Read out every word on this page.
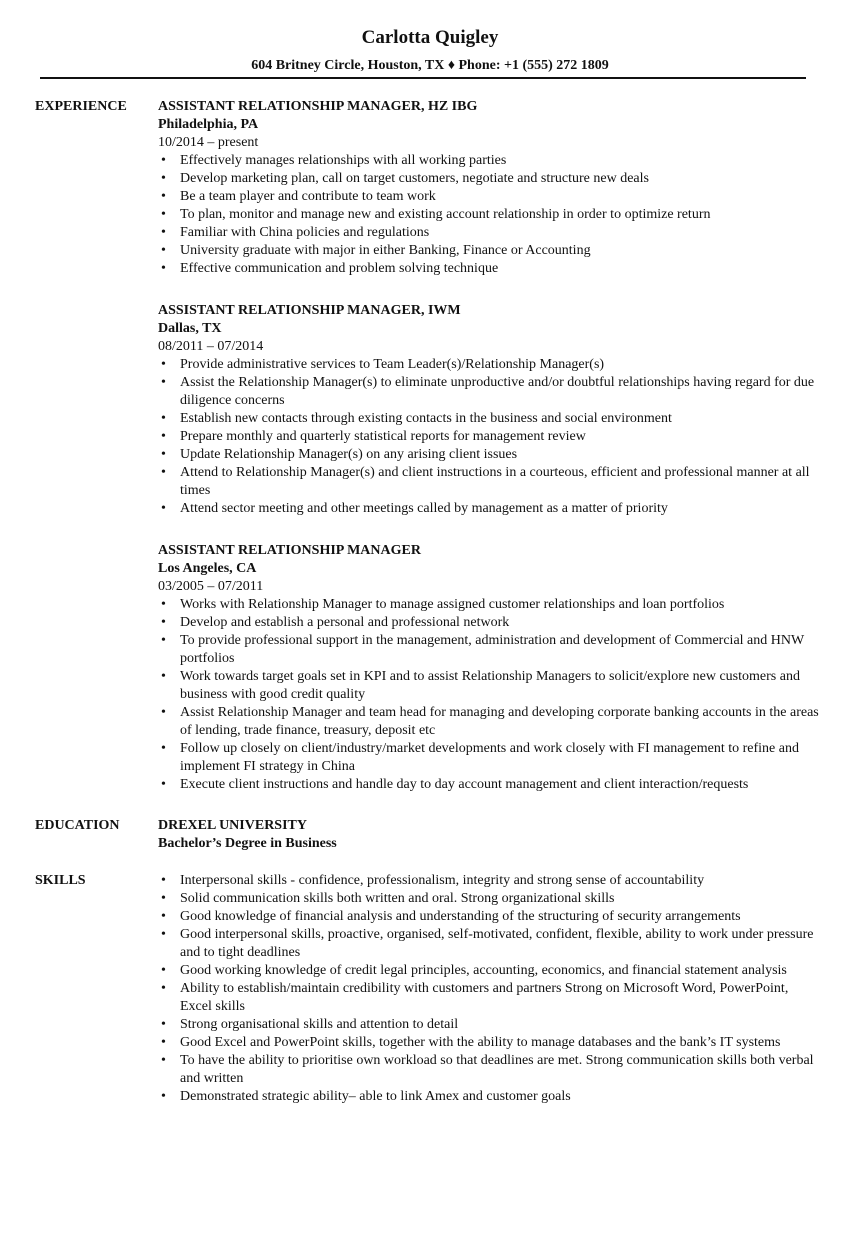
Carlotta Quigley
604 Britney Circle, Houston, TX ♦ Phone: +1 (555) 272 1809
EXPERIENCE	ASSISTANT RELATIONSHIP MANAGER, HZ IBG
Philadelphia, PA
10/2014 – present
• Effectively manages relationships with all working parties
• Develop marketing plan, call on target customers, negotiate and structure new deals
• Be a team player and contribute to team work
• To plan, monitor and manage new and existing account relationship in order to optimize return
• Familiar with China policies and regulations
• University graduate with major in either Banking, Finance or Accounting
• Effective communication and problem solving technique
ASSISTANT RELATIONSHIP MANAGER, IWM
Dallas, TX
08/2011 – 07/2014
• Provide administrative services to Team Leader(s)/Relationship Manager(s)
• Assist the Relationship Manager(s) to eliminate unproductive and/or doubtful relationships having regard for due diligence concerns
• Establish new contacts through existing contacts in the business and social environment
• Prepare monthly and quarterly statistical reports for management review
• Update Relationship Manager(s) on any arising client issues
• Attend to Relationship Manager(s) and client instructions in a courteous, efficient and professional manner at all times
• Attend sector meeting and other meetings called by management as a matter of priority
ASSISTANT RELATIONSHIP MANAGER
Los Angeles, CA
03/2005 – 07/2011
• Works with Relationship Manager to manage assigned customer relationships and loan portfolios
• Develop and establish a personal and professional network
• To provide professional support in the management, administration and development of Commercial and HNW portfolios
• Work towards target goals set in KPI and to assist Relationship Managers to solicit/explore new customers and business with good credit quality
• Assist Relationship Manager and team head for managing and developing corporate banking accounts in the areas of lending, trade finance, treasury, deposit etc
• Follow up closely on client/industry/market developments and work closely with FI management to refine and implement FI strategy in China
• Execute client instructions and handle day to day account management and client interaction/requests
EDUCATION	DREXEL UNIVERSITY
Bachelor’s Degree in Business
SKILLS	• Interpersonal skills - confidence, professionalism, integrity and strong sense of accountability
• Solid communication skills both written and oral. Strong organizational skills
• Good knowledge of financial analysis and understanding of the structuring of security arrangements
• Good interpersonal skills, proactive, organised, self-motivated, confident, flexible, ability to work under pressure and to tight deadlines
• Good working knowledge of credit legal principles, accounting, economics, and financial statement analysis
• Ability to establish/maintain credibility with customers and partners Strong on Microsoft Word, PowerPoint, Excel skills
• Strong organisational skills and attention to detail
• Good Excel and PowerPoint skills, together with the ability to manage databases and the bank’s IT systems
• To have the ability to prioritise own workload so that deadlines are met. Strong communication skills both verbal and written
• Demonstrated strategic ability– able to link Amex and customer goals
